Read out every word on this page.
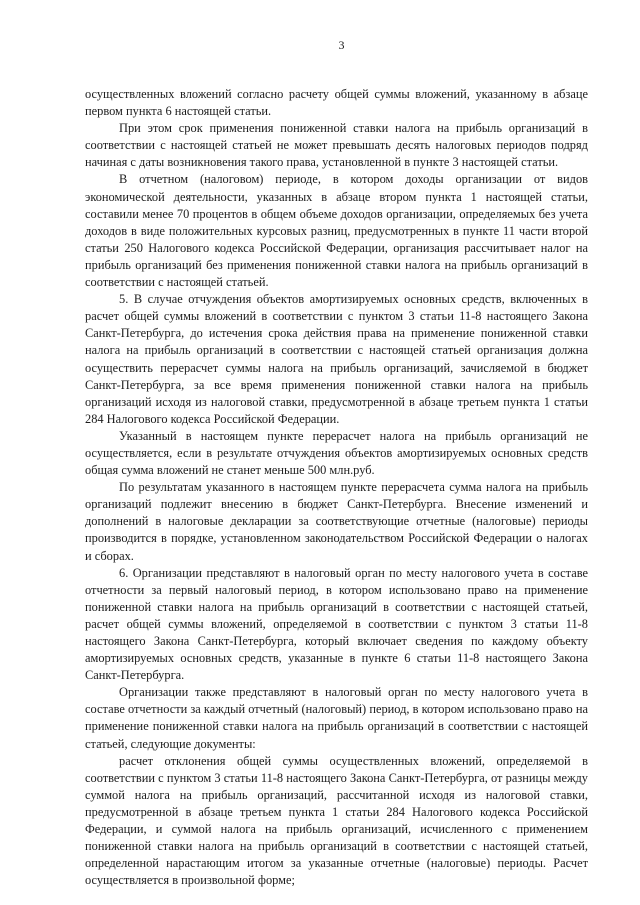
3

осуществленных вложений согласно расчету общей суммы вложений, указанному в абзаце первом пункта 6 настоящей статьи.

При этом срок применения пониженной ставки налога на прибыль организаций в соответствии с настоящей статьей не может превышать десять налоговых периодов подряд начиная с даты возникновения такого права, установленной в пункте 3 настоящей статьи.

В отчетном (налоговом) периоде, в котором доходы организации от видов экономической деятельности, указанных в абзаце втором пункта 1 настоящей статьи, составили менее 70 процентов в общем объеме доходов организации, определяемых без учета доходов в виде положительных курсовых разниц, предусмотренных в пункте 11 части второй статьи 250 Налогового кодекса Российской Федерации, организация рассчитывает налог на прибыль организаций без применения пониженной ставки налога на прибыль организаций в соответствии с настоящей статьей.

5. В случае отчуждения объектов амортизируемых основных средств, включенных в расчет общей суммы вложений в соответствии с пунктом 3 статьи 11-8 настоящего Закона Санкт-Петербурга, до истечения срока действия права на применение пониженной ставки налога на прибыль организаций в соответствии с настоящей статьей организация должна осуществить перерасчет суммы налога на прибыль организаций, зачисляемой в бюджет Санкт-Петербурга, за все время применения пониженной ставки налога на прибыль организаций исходя из налоговой ставки, предусмотренной в абзаце третьем пункта 1 статьи 284 Налогового кодекса Российской Федерации.

Указанный в настоящем пункте перерасчет налога на прибыль организаций не осуществляется, если в результате отчуждения объектов амортизируемых основных средств общая сумма вложений не станет меньше 500 млн.руб.

По результатам указанного в настоящем пункте перерасчета сумма налога на прибыль организаций подлежит внесению в бюджет Санкт-Петербурга. Внесение изменений и дополнений в налоговые декларации за соответствующие отчетные (налоговые) периоды производится в порядке, установленном законодательством Российской Федерации о налогах и сборах.

6. Организации представляют в налоговый орган по месту налогового учета в составе отчетности за первый налоговый период, в котором использовано право на применение пониженной ставки налога на прибыль организаций в соответствии с настоящей статьей, расчет общей суммы вложений, определяемой в соответствии с пунктом 3 статьи 11-8 настоящего Закона Санкт-Петербурга, который включает сведения по каждому объекту амортизируемых основных средств, указанные в пункте 6 статьи 11-8 настоящего Закона Санкт-Петербурга.

Организации также представляют в налоговый орган по месту налогового учета в составе отчетности за каждый отчетный (налоговый) период, в котором использовано право на применение пониженной ставки налога на прибыль организаций в соответствии с настоящей статьей, следующие документы:

расчет отклонения общей суммы осуществленных вложений, определяемой в соответствии с пунктом 3 статьи 11-8 настоящего Закона Санкт-Петербурга, от разницы между суммой налога на прибыль организаций, рассчитанной исходя из налоговой ставки, предусмотренной в абзаце третьем пункта 1 статьи 284 Налогового кодекса Российской Федерации, и суммой налога на прибыль организаций, исчисленного с применением пониженной ставки налога на прибыль организаций в соответствии с настоящей статьей, определенной нарастающим итогом за указанные отчетные (налоговые) периоды. Расчет осуществляется в произвольной форме;
